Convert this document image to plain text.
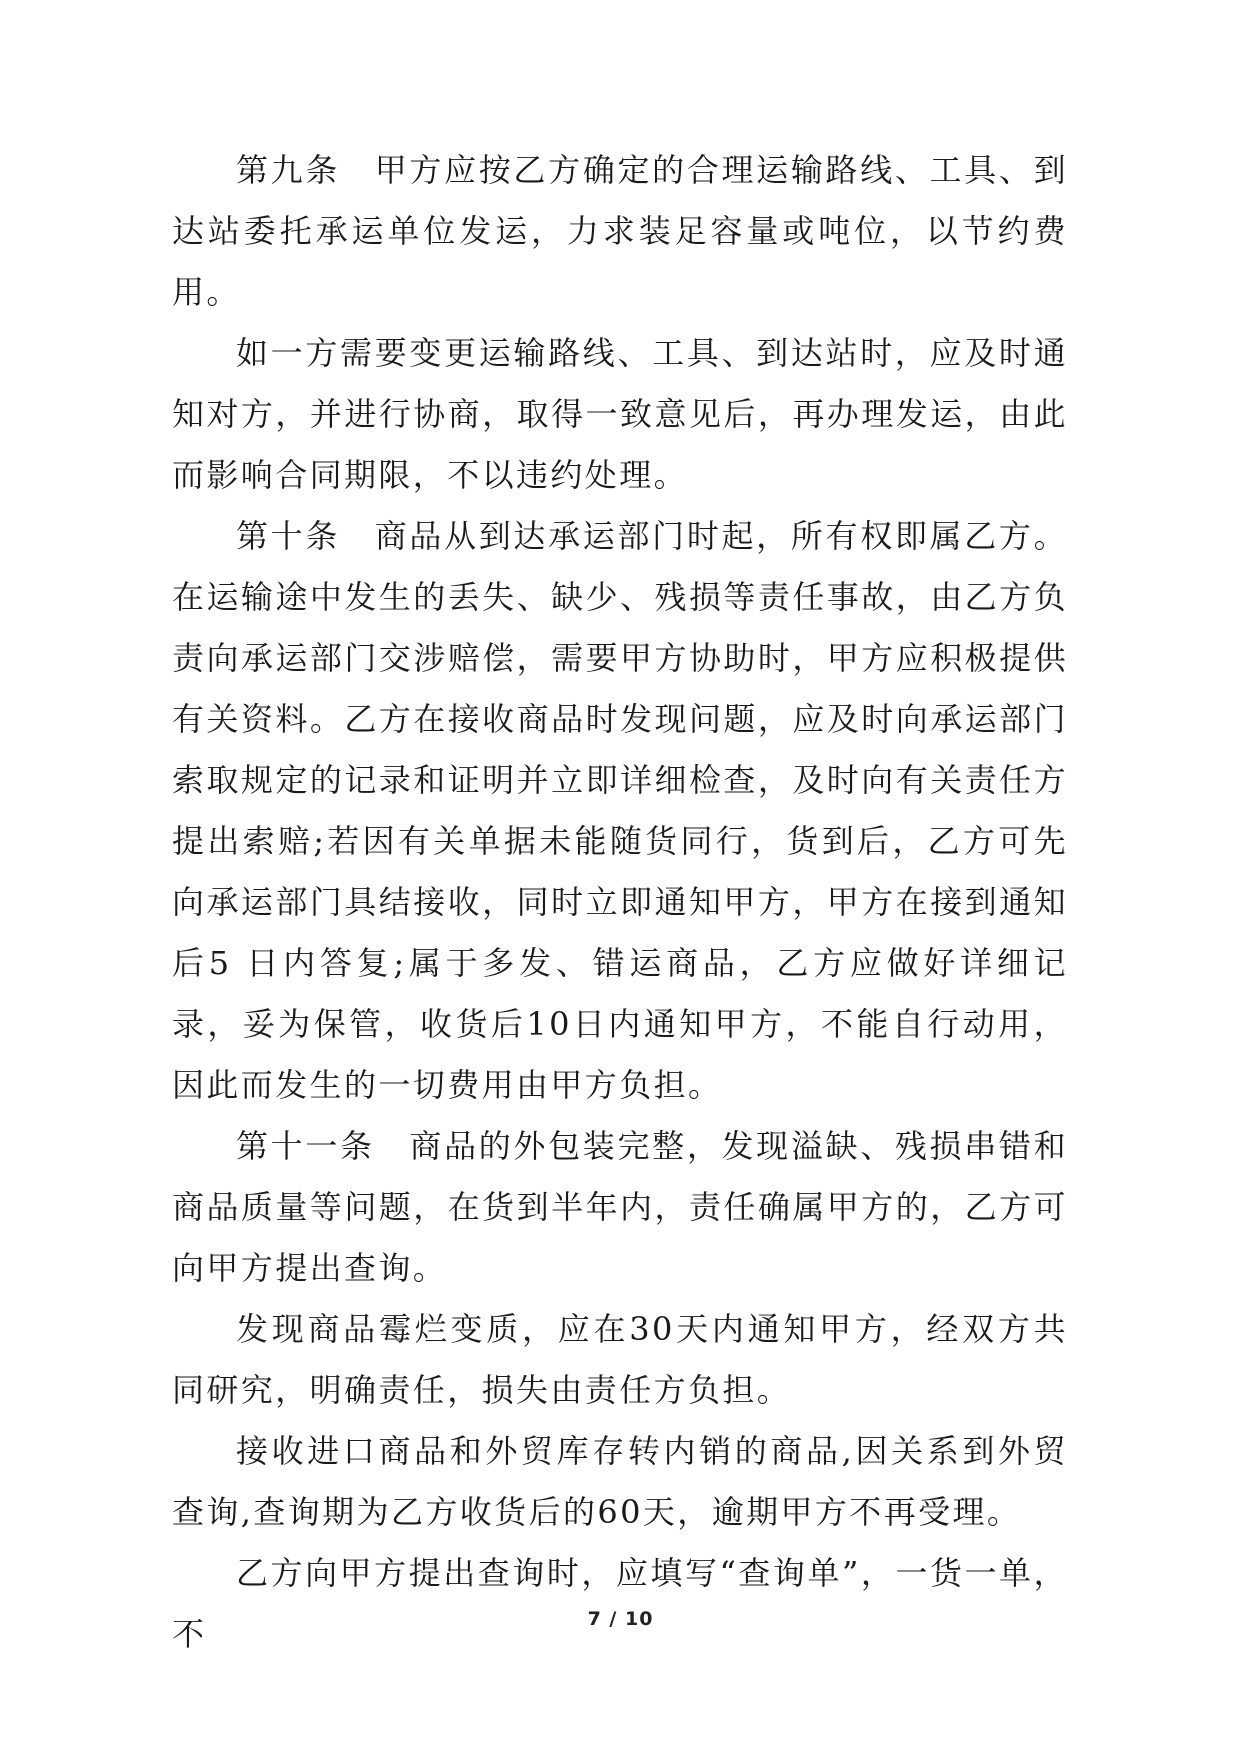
第九条　甲方应按乙方确定的合理运输路线、工具、到达站委托承运单位发运，力求装足容量或吨位，以节约费用。

如一方需要变更运输路线、工具、到达站时，应及时通知对方，并进行协商，取得一致意见后，再办理发运，由此而影响合同期限，不以违约处理。

第十条　商品从到达承运部门时起，所有权即属乙方。在运输途中发生的丢失、缺少、残损等责任事故，由乙方负责向承运部门交涉赔偿，需要甲方协助时，甲方应积极提供有关资料。乙方在接收商品时发现问题，应及时向承运部门索取规定的记录和证明并立即详细检查，及时向有关责任方提出索赔;若因有关单据未能随货同行，货到后，乙方可先向承运部门具结接收，同时立即通知甲方，甲方在接到通知后5 日内答复;属于多发、错运商品，乙方应做好详细记录，妥为保管，收货后10日内通知甲方，不能自行动用，因此而发生的一切费用由甲方负担。

第十一条　商品的外包装完整，发现溢缺、残损串错和商品质量等问题，在货到半年内，责任确属甲方的，乙方可向甲方提出查询。

发现商品霉烂变质，应在30天内通知甲方，经双方共同研究，明确责任，损失由责任方负担。

接收进口商品和外贸库存转内销的商品,因关系到外贸查询,查询期为乙方收货后的60天，逾期甲方不再受理。

乙方向甲方提出查询时，应填写“查询单”，一货一单，不	7 / 10
